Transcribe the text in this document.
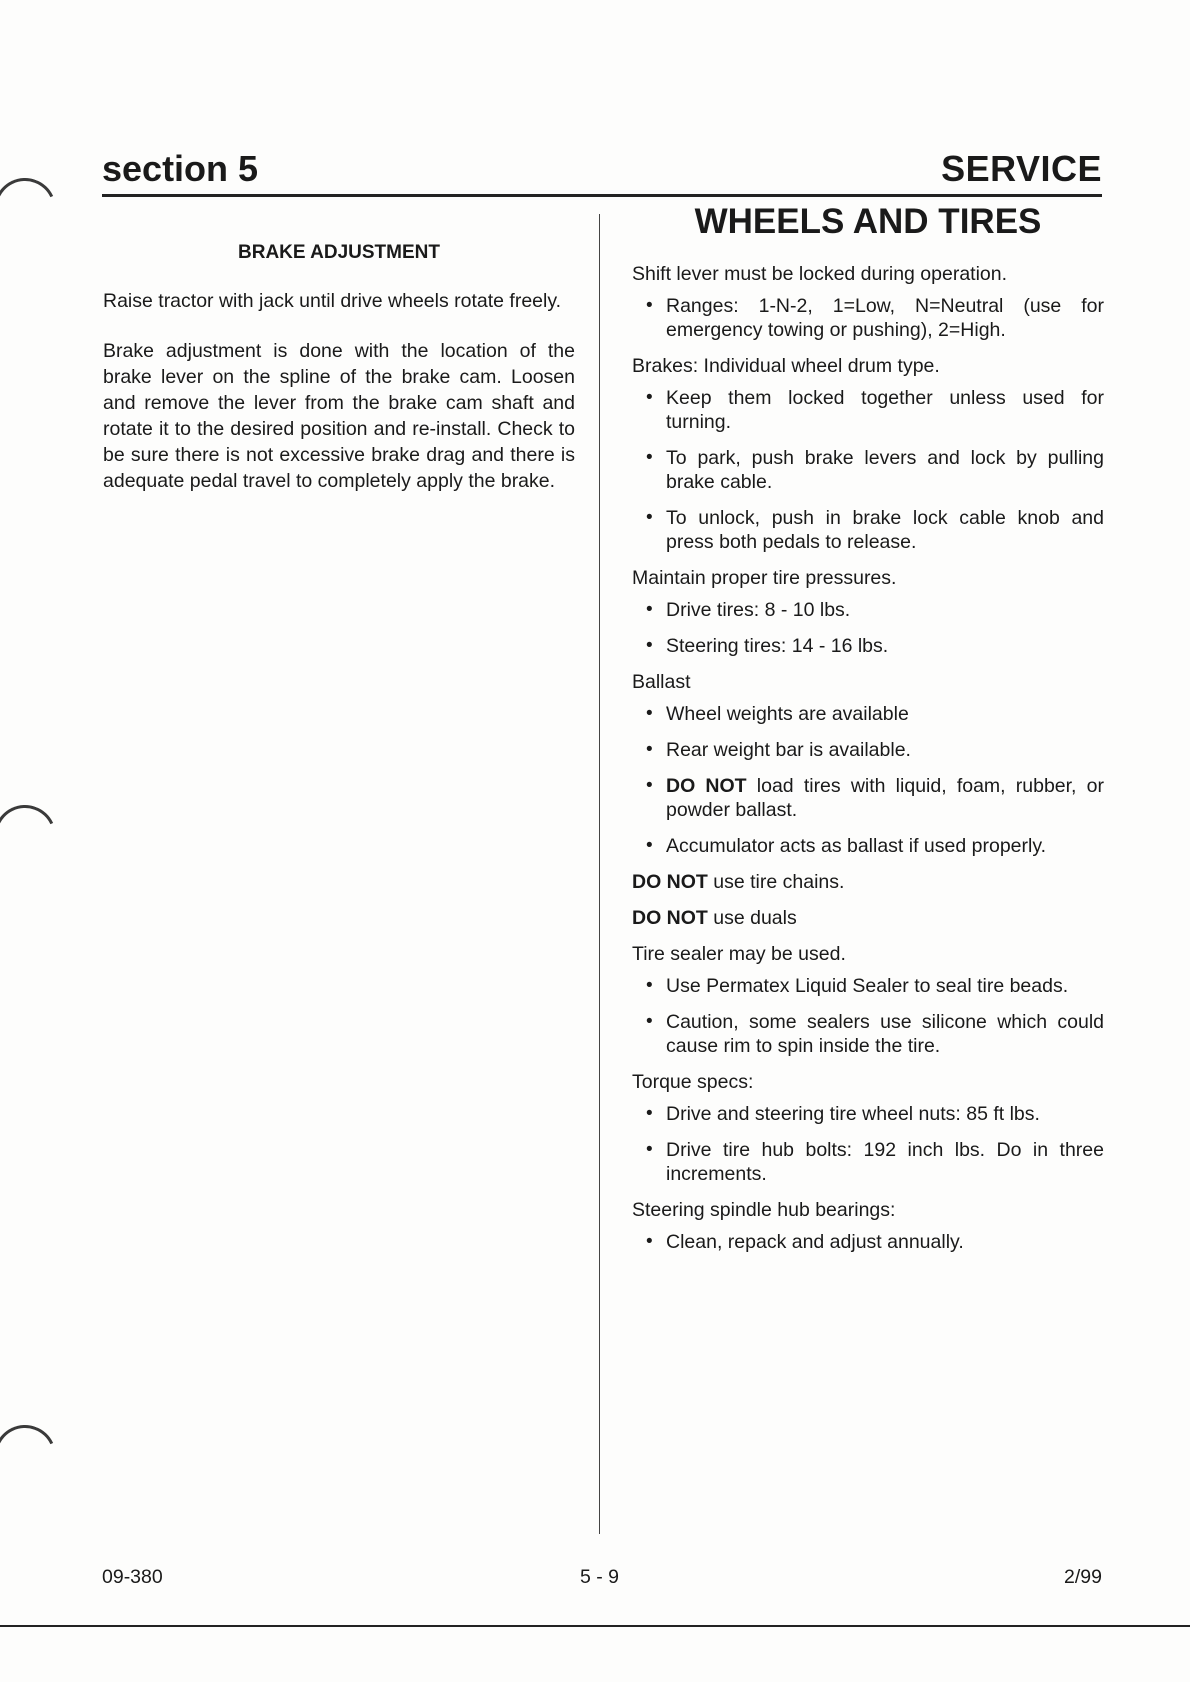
section 5	SERVICE
BRAKE ADJUSTMENT

Raise tractor with jack until drive wheels rotate freely.

Brake adjustment is done with the location of the brake lever on the spline of the brake cam. Loosen and remove the lever from the brake cam shaft and rotate it to the desired position and re-install. Check to be sure there is not excessive brake drag and there is adequate pedal travel to completely apply the brake.

WHEELS AND TIRES
Shift lever must be locked during operation.
• Ranges: 1-N-2, 1=Low, N=Neutral (use for emergency towing or pushing), 2=High.
Brakes: Individual wheel drum type.
• Keep them locked together unless used for turning.
• To park, push brake levers and lock by pulling brake cable.
• To unlock, push in brake lock cable knob and press both pedals to release.
Maintain proper tire pressures.
• Drive tires: 8 - 10 lbs.
• Steering tires: 14 - 16 lbs.
Ballast
• Wheel weights are available
• Rear weight bar is available.
• DO NOT load tires with liquid, foam, rubber, or powder ballast.
• Accumulator acts as ballast if used properly.
DO NOT use tire chains.
DO NOT use duals
Tire sealer may be used.
• Use Permatex Liquid Sealer to seal tire beads.
• Caution, some sealers use silicone which could cause rim to spin inside the tire.
Torque specs:
• Drive and steering tire wheel nuts: 85 ft lbs.
• Drive tire hub bolts: 192 inch lbs. Do in three increments.
Steering spindle hub bearings:
• Clean, repack and adjust annually.
09-380	5 - 9	2/99
